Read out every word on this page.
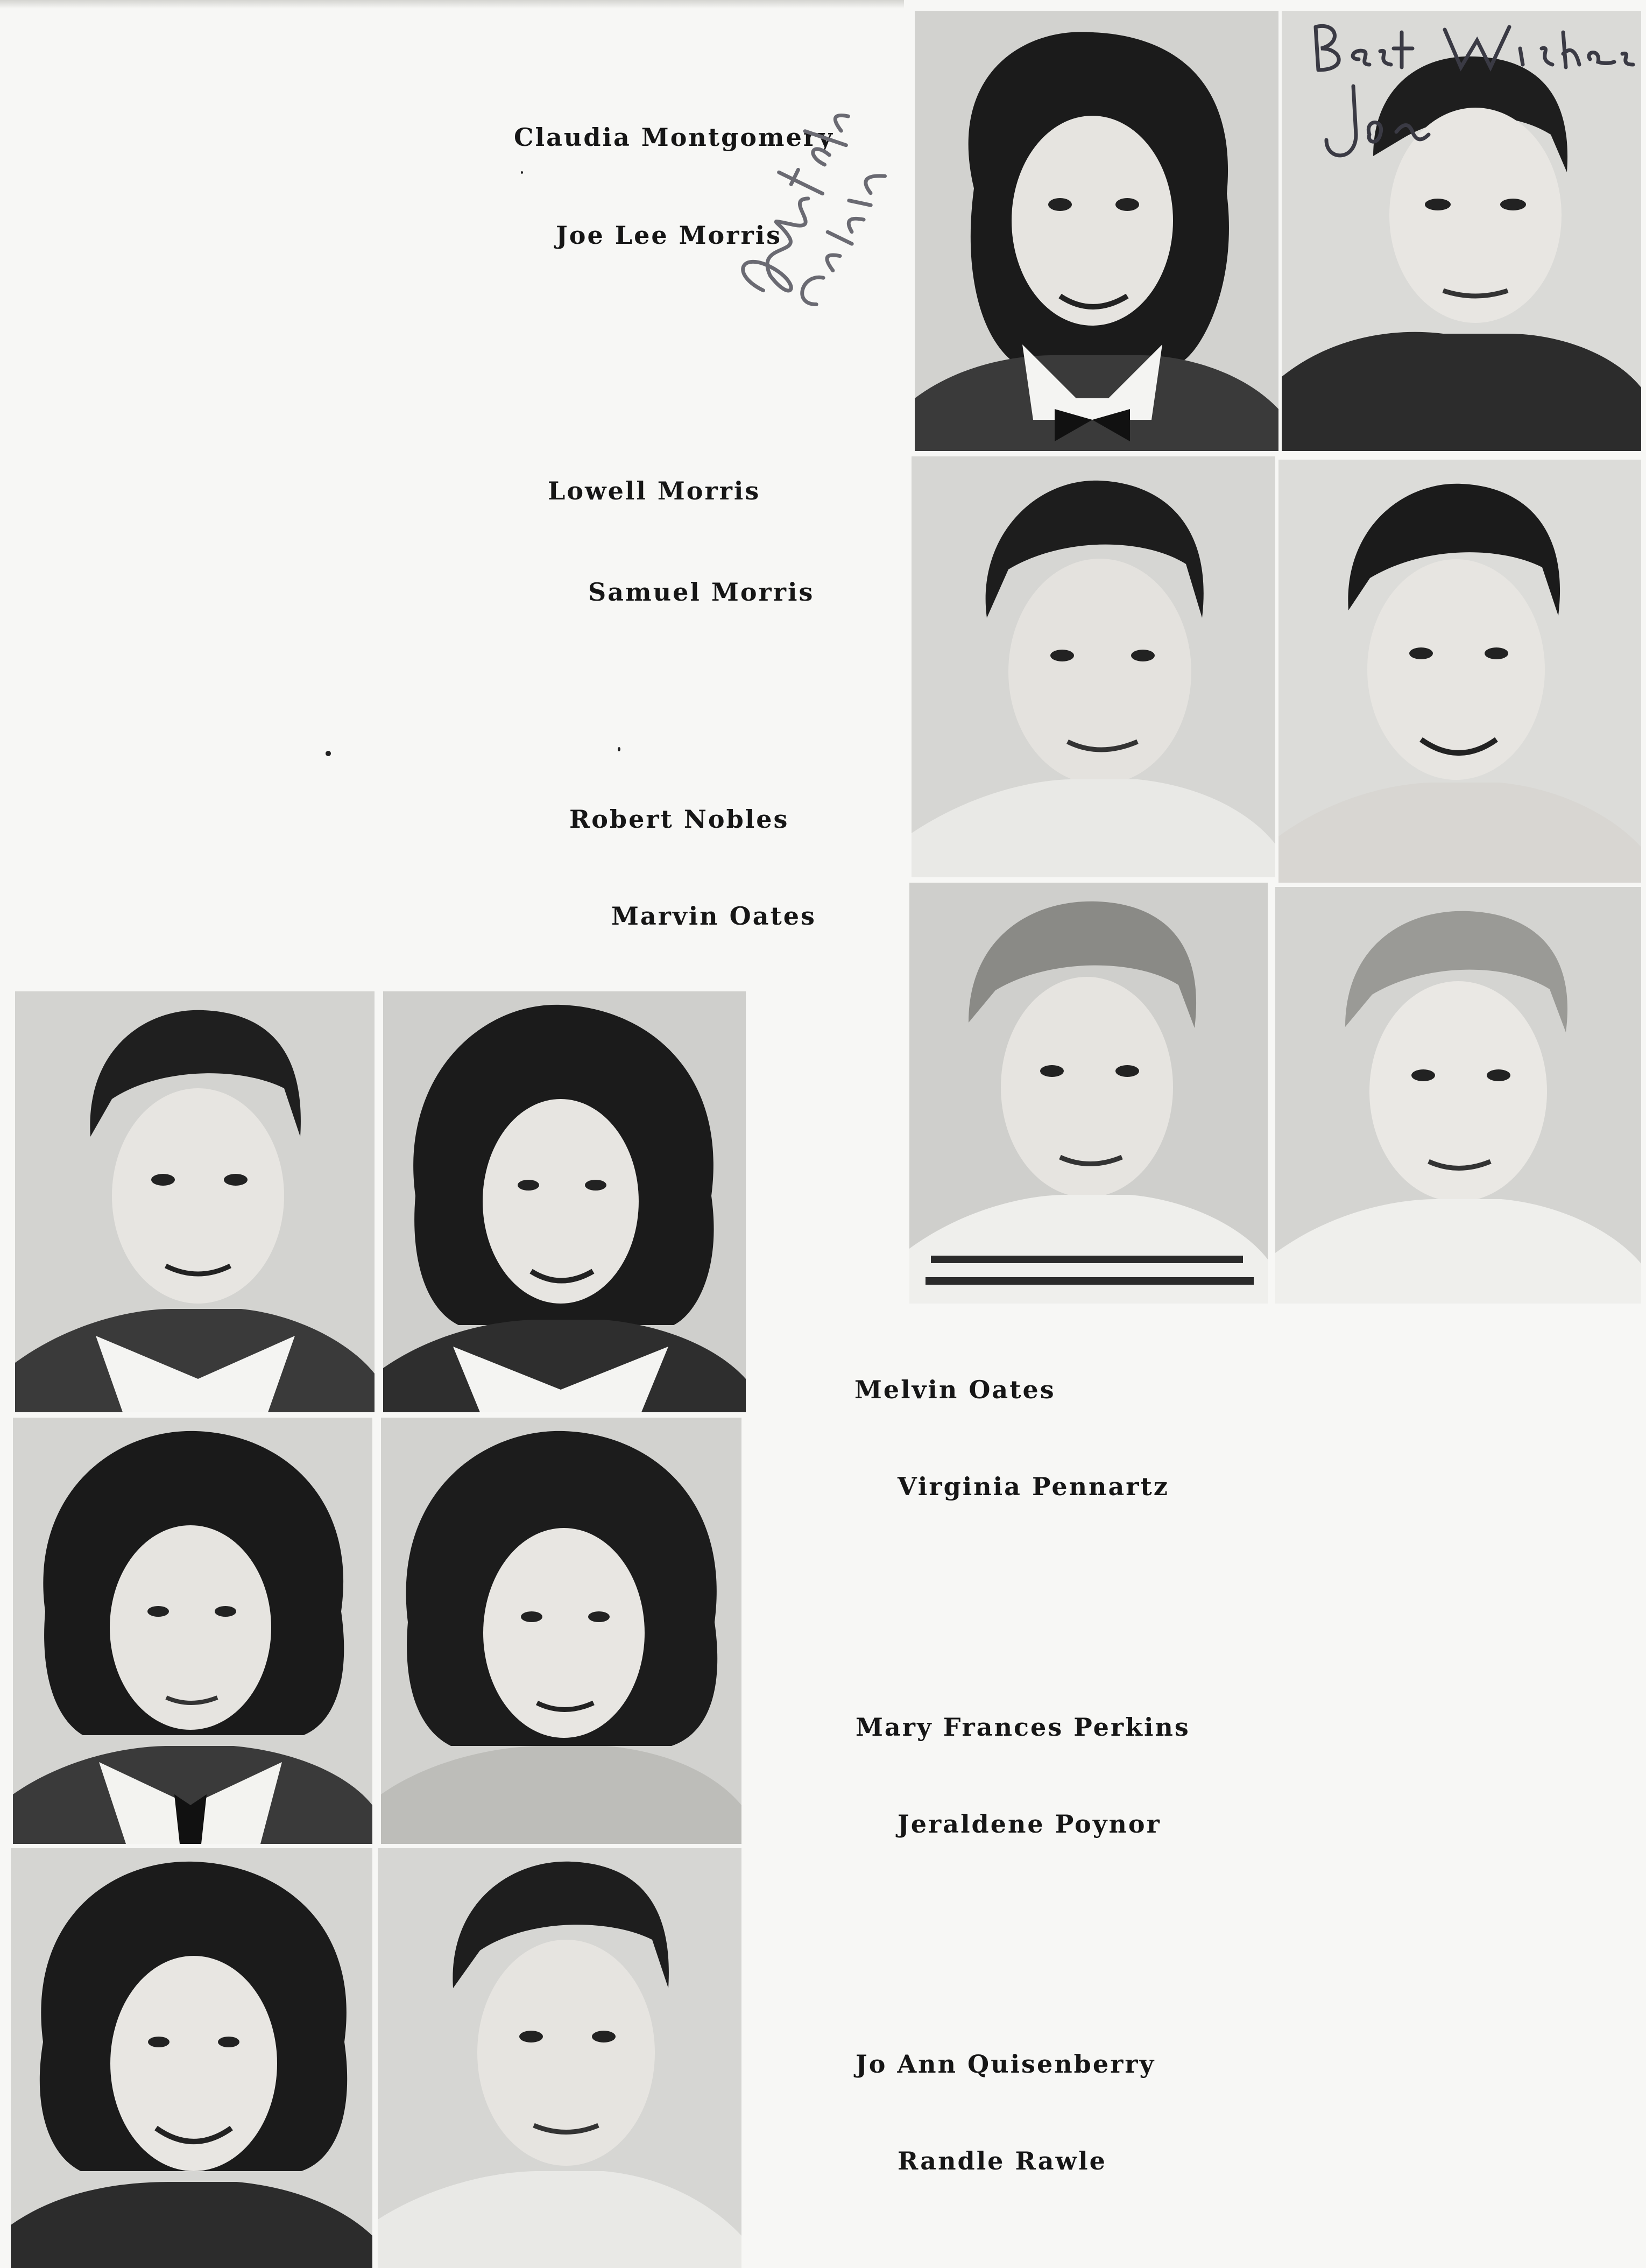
Claudia Montgomery
Joe Lee Morris
Lowell Morris
Samuel Morris
Robert Nobles
Marvin Oates
Melvin Oates
Virginia Pennartz
Mary Frances Perkins
Jeraldene Poynor
Jo Ann Quisenberry
Randle Rawle
